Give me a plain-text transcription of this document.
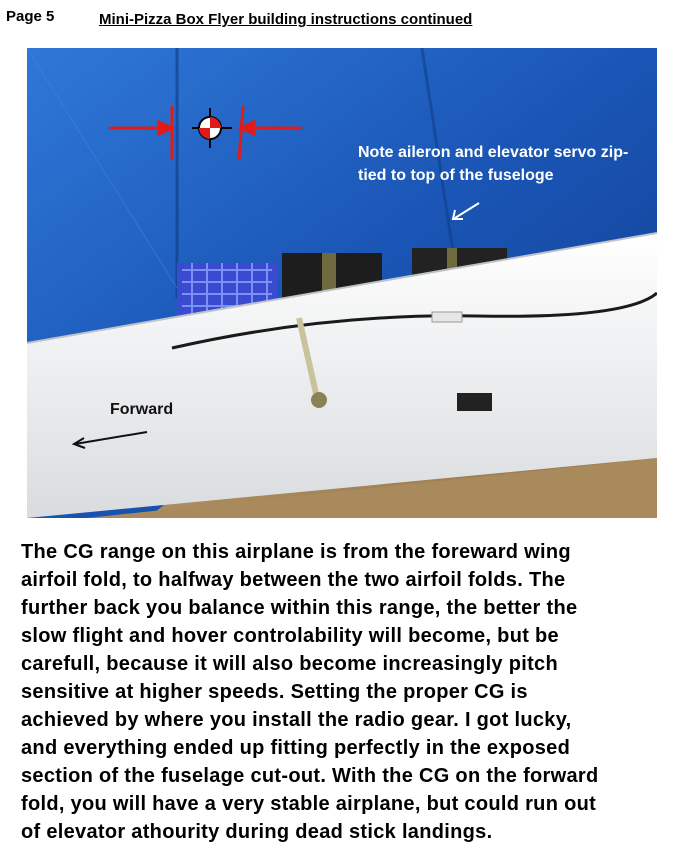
Page 5	Mini-Pizza Box Flyer building instructions continued
Note aileron and elevator servo zip-tied to top of the fuseloge
Forward

The CG range on this airplane is from the foreward wing
airfoil fold, to halfway between the two airfoil folds. The
further back you balance within this range, the better the
slow flight and hover controlability will become, but be
carefull, because it will also become increasingly pitch
sensitive at higher speeds. Setting the proper CG is
achieved by where you install the radio gear. I got lucky,
and everything ended up fitting perfectly in the exposed
section of the fuselage cut-out. With the CG on the forward
fold, you will have a very stable airplane, but could run out
of elevator athourity during dead stick landings.
